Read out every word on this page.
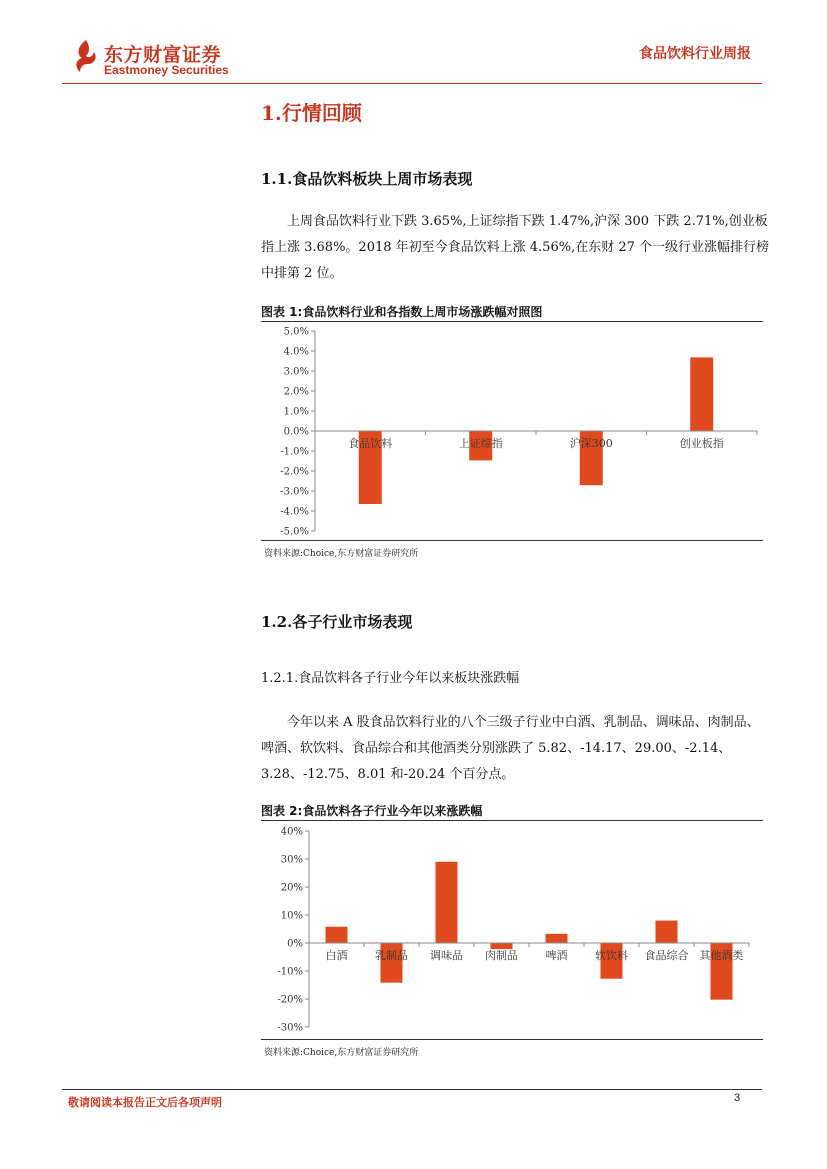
东方财富证券
Eastmoney Securities
食品饮料行业周报
1.行情回顾
1.1.食品饮料板块上周市场表现
上周食品饮料行业下跌 3.65%,上证综指下跌 1.47%,沪深 300 下跌 2.71%,创业板指上涨 3.68%。2018 年初至今食品饮料上涨 4.56%,在东财 27 个一级行业涨幅排行榜中排第 2 位。
图表 1:食品饮料行业和各指数上周市场涨跌幅对照图
5.0%
4.0%
3.0%
2.0%
1.0%
0.0%
-1.0%
-2.0%
-3.0%
-4.0%
-5.0%
食品饮料	上证综指	沪深300	创业板指
资料来源:Choice,东方财富证券研究所
1.2.各子行业市场表现
1.2.1.食品饮料各子行业今年以来板块涨跌幅
今年以来 A 股食品饮料行业的八个三级子行业中白酒、乳制品、调味品、肉制品、啤酒、软饮料、食品综合和其他酒类分别涨跌了 5.82、-14.17、29.00、-2.14、3.28、-12.75、8.01 和-20.24 个百分点。
图表 2:食品饮料各子行业今年以来涨跌幅
40%
30%
20%
10%
0%
-10%
-20%
-30%
白酒	乳制品 调味品 肉制品	啤酒	软饮料 食品综合 其他酒类
资料来源:Choice,东方财富证券研究所
敬请阅读本报告正文后各项声明	3
